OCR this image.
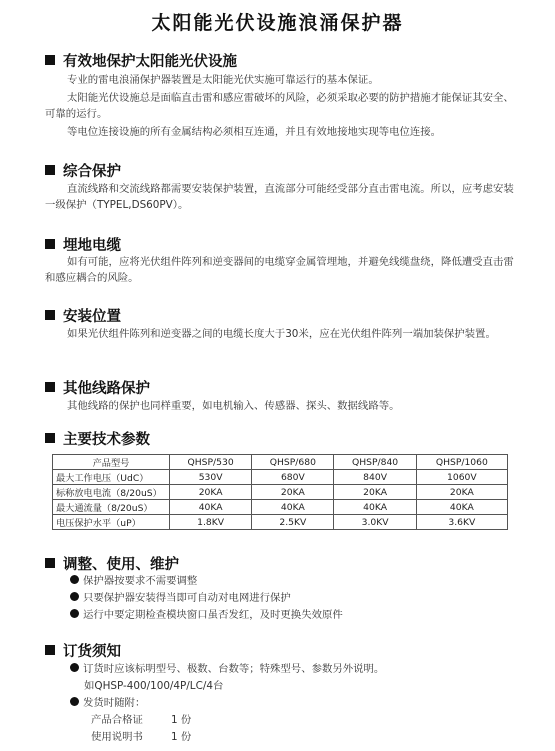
太阳能光伏设施浪涌保护器
有效地保护太阳能光伏设施
专业的雷电浪涌保护器装置是太阳能光伏实施可靠运行的基本保证。
太阳能光伏设施总是面临直击雷和感应雷破坏的风险，必须采取必要的防护措施才能保证其安全、可靠的运行。
等电位连接设施的所有金属结构必须相互连通，并且有效地接地实现等电位连接。
综合保护
直流线路和交流线路都需要安装保护装置，直流部分可能经受部分直击雷电流。所以，应考虑安装一级保护（TYPEL,DS60PV）。
埋地电缆
如有可能，应将光伏组件阵列和逆变器间的电缆穿金属管埋地，并避免线缆盘绕，降低遭受直击雷和感应耦合的风险。
安装位置
如果光伏组件陈列和逆变器之间的电缆长度大于30米，应在光伏组件阵列一端加装保护装置。
其他线路保护
其他线路的保护也同样重要，如电机输入、传感器、探头、数据线路等。
主要技术参数
产品型号	QHSP/530	QHSP/680	QHSP/840	QHSP/1060
最大工作电压（UdC）	530V	680V	840V	1060V
标称放电电流（8/20uS）	20KA	20KA	20KA	20KA
最大通流量（8/20uS）	40KA	40KA	40KA	40KA
电压保护水平（uP）	1.8KV	2.5KV	3.0KV	3.6KV
调整、使用、维护
保护器按要求不需要调整
只要保护器安装得当即可自动对电网进行保护
运行中要定期检查模块窗口虽否发红，及时更换失效原件
订货须知
订货时应该标明型号、极数、台数等；特殊型号、参数另外说明。
如QHSP-400/100/4P/LC/4台
发货时随附：
产品合格证	1 份
使用说明书	1 份
